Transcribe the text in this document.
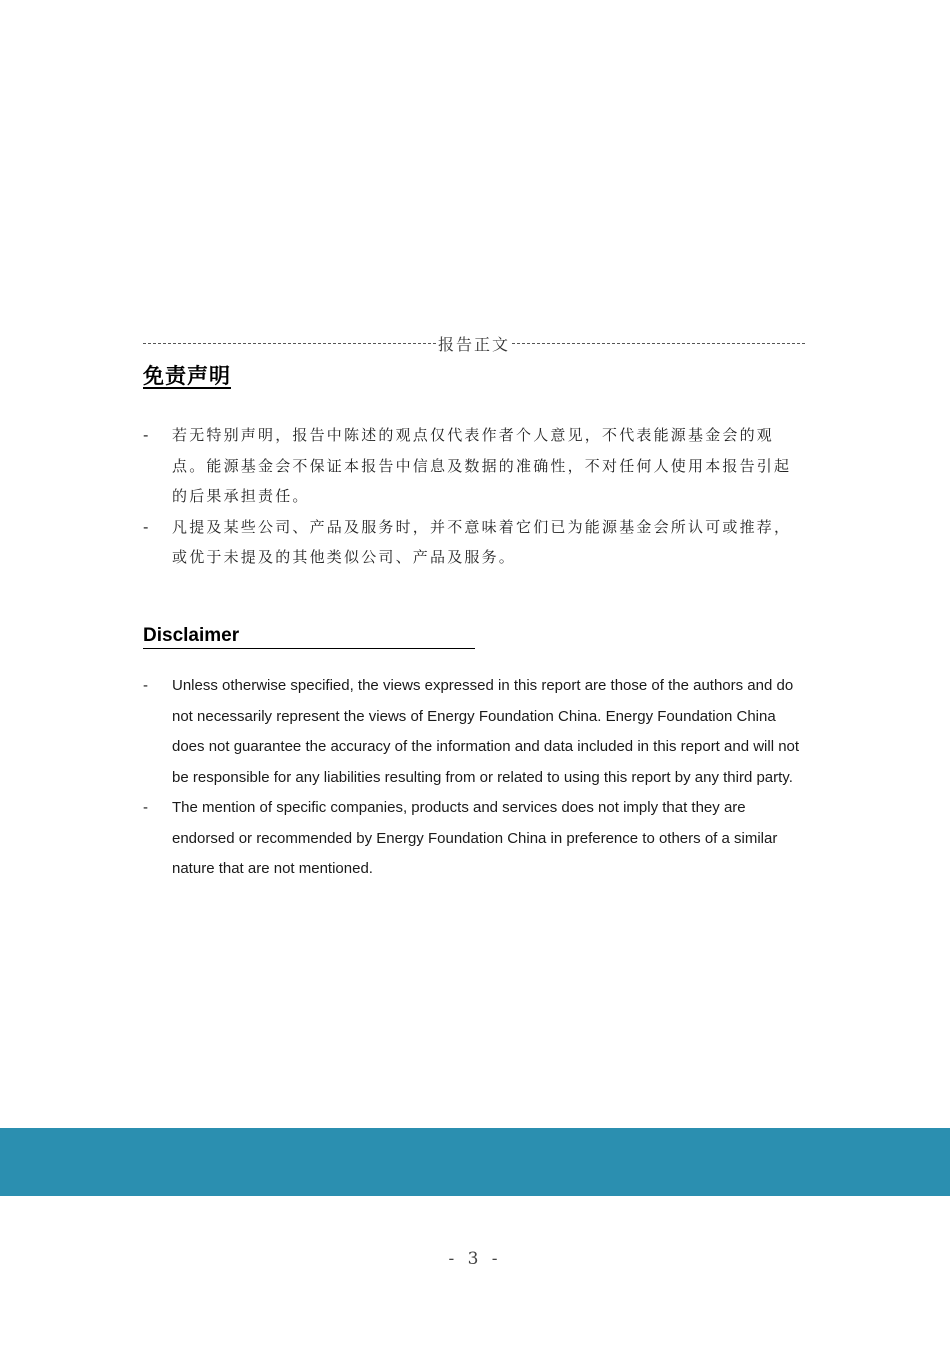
报告正文
免责声明
- 若无特别声明，报告中陈述的观点仅代表作者个人意见，不代表能源基金会的观点。能源基金会不保证本报告中信息及数据的准确性，不对任何人使用本报告引起的后果承担责任。
- 凡提及某些公司、产品及服务时，并不意味着它们已为能源基金会所认可或推荐，或优于未提及的其他类似公司、产品及服务。
Disclaimer
- Unless otherwise specified, the views expressed in this report are those of the authors and do not necessarily represent the views of Energy Foundation China. Energy Foundation China does not guarantee the accuracy of the information and data included in this report and will not be responsible for any liabilities resulting from or related to using this report by any third party.
- The mention of specific companies, products and services does not imply that they are endorsed or recommended by Energy Foundation China in preference to others of a similar nature that are not mentioned.
- 3 -
